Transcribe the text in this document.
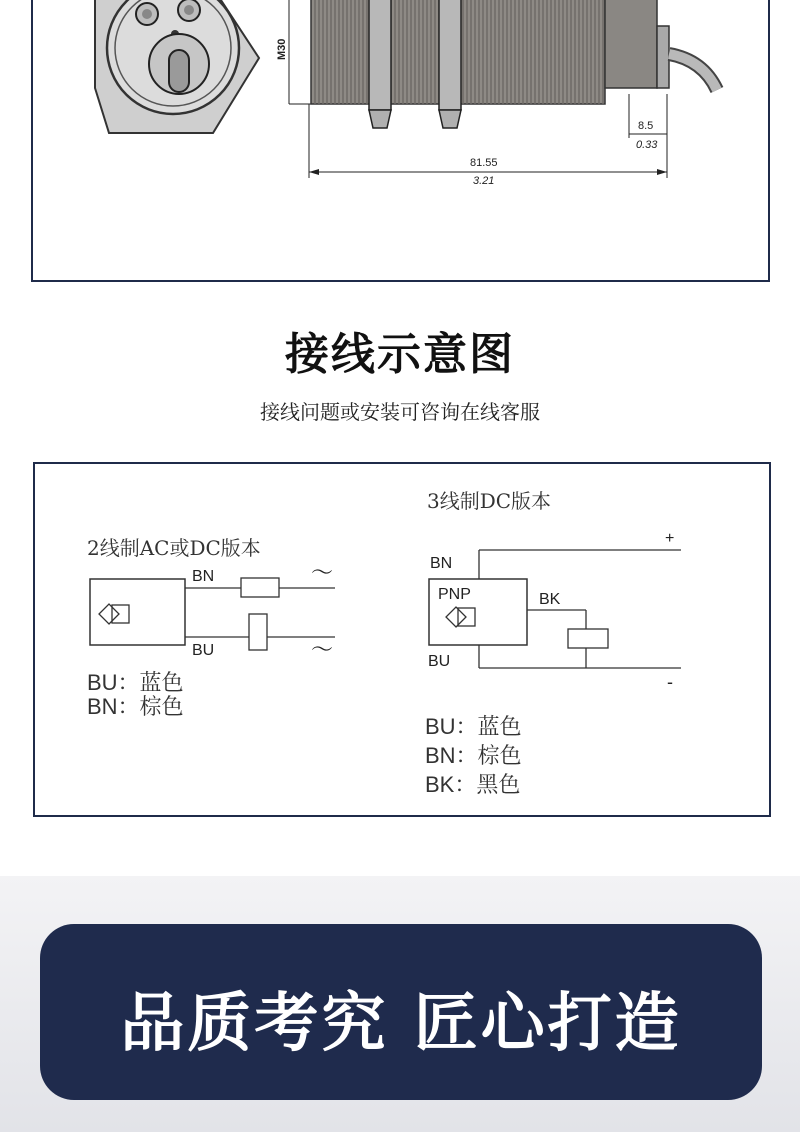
M30
8.5
0.33
81.55
3.21
接线示意图
接线问题或安装可咨询在线客服
2线制AC或DC版本
BN
BU
〜
〜
BU：蓝色
BN：棕色
3线制DC版本
BN
+
PNP	BK
BU
-
BU：蓝色
BN：棕色
BK：黑色
品质考究 匠心打造
